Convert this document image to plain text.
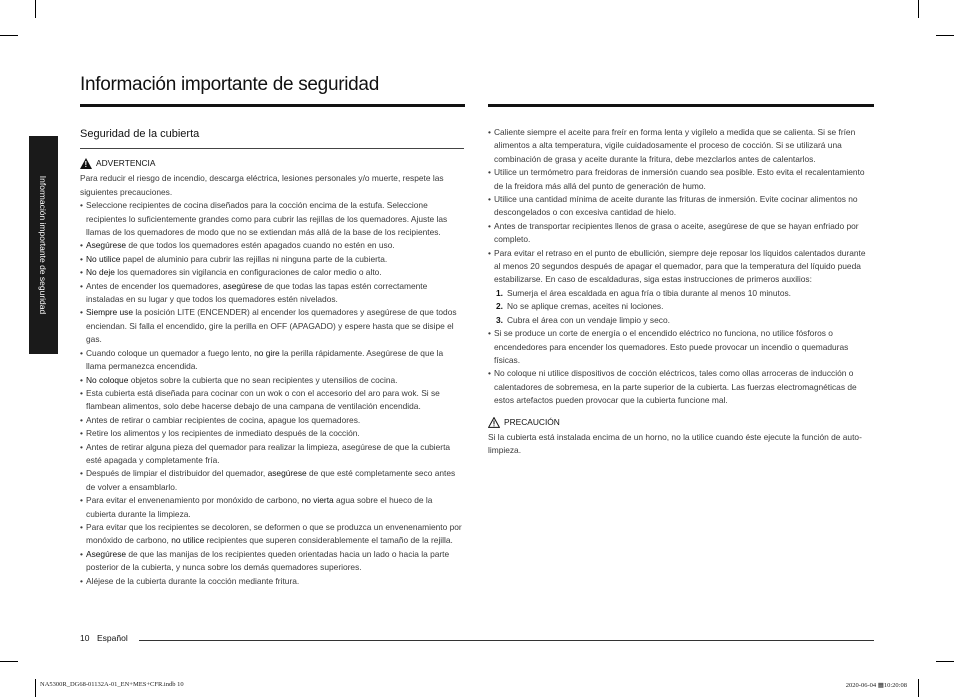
Información importante de seguridad
Información importante de seguridad
Seguridad de la cubierta
! ADVERTENCIA

Para reducir el riesgo de incendio, descarga eléctrica, lesiones personales y/o muerte, respete las siguientes precauciones.

• Seleccione recipientes de cocina diseñados para la cocción encima de la estufa. Seleccione recipientes lo suficientemente grandes como para cubrir las rejillas de los quemadores. Ajuste las llamas de los quemadores de modo que no se extiendan más allá de la base de los recipientes.
• Asegúrese de que todos los quemadores estén apagados cuando no estén en uso.
• No utilice papel de aluminio para cubrir las rejillas ni ninguna parte de la cubierta.
• No deje los quemadores sin vigilancia en configuraciones de calor medio o alto.
• Antes de encender los quemadores, asegúrese de que todas las tapas estén correctamente instaladas en su lugar y que todos los quemadores estén nivelados.
• Siempre use la posición LITE (ENCENDER) al encender los quemadores y asegúrese de que todos enciendan. Si falla el encendido, gire la perilla en OFF (APAGADO) y espere hasta que se disipe el gas.
• Cuando coloque un quemador a fuego lento, no gire la perilla rápidamente. Asegúrese de que la llama permanezca encendida.
• No coloque objetos sobre la cubierta que no sean recipientes y utensilios de cocina.
• Esta cubierta está diseñada para cocinar con un wok o con el accesorio del aro para wok. Si se flambean alimentos, solo debe hacerse debajo de una campana de ventilación encendida.
• Antes de retirar o cambiar recipientes de cocina, apague los quemadores.
• Retire los alimentos y los recipientes de inmediato después de la cocción.
• Antes de retirar alguna pieza del quemador para realizar la limpieza, asegúrese de que la cubierta esté apagada y completamente fría.
• Después de limpiar el distribuidor del quemador, asegúrese de que esté completamente seco antes de volver a ensamblarlo.
• Para evitar el envenenamiento por monóxido de carbono, no vierta agua sobre el hueco de la cubierta durante la limpieza.
• Para evitar que los recipientes se decoloren, se deformen o que se produzca un envenenamiento por monóxido de carbono, no utilice recipientes que superen considerablemente el tamaño de la rejilla.
• Asegúrese de que las manijas de los recipientes queden orientadas hacia un lado o hacia la parte posterior de la cubierta, y nunca sobre los demás quemadores superiores.
• Aléjese de la cubierta durante la cocción mediante fritura.
• Caliente siempre el aceite para freír en forma lenta y vigílelo a medida que se calienta. Si se fríen alimentos a alta temperatura, vigile cuidadosamente el proceso de cocción. Si se utilizará una combinación de grasa y aceite durante la fritura, debe mezclarlos antes de calentarlos.
• Utilice un termómetro para freidoras de inmersión cuando sea posible. Esto evita el recalentamiento de la freidora más allá del punto de generación de humo.
• Utilice una cantidad mínima de aceite durante las frituras de inmersión. Evite cocinar alimentos no descongelados o con excesiva cantidad de hielo.
• Antes de transportar recipientes llenos de grasa o aceite, asegúrese de que se hayan enfriado por completo.
• Para evitar el retraso en el punto de ebullición, siempre deje reposar los líquidos calentados durante al menos 20 segundos después de apagar el quemador, para que la temperatura del líquido pueda estabilizarse. En caso de escaldaduras, siga estas instrucciones de primeros auxilios:
1. Sumerja el área escaldada en agua fría o tibia durante al menos 10 minutos.
2. No se aplique cremas, aceites ni lociones.
3. Cubra el área con un vendaje limpio y seco.
• Si se produce un corte de energía o el encendido eléctrico no funciona, no utilice fósforos o encendedores para encender los quemadores. Esto puede provocar un incendio o quemaduras físicas.
• No coloque ni utilice dispositivos de cocción eléctricos, tales como ollas arroceras de inducción o calentadores de sobremesa, en la parte superior de la cubierta. Las fuerzas electromagnéticas de estos artefactos pueden provocar que la cubierta funcione mal.
PRECAUCIÓN

Si la cubierta está instalada encima de un horno, no la utilice cuando éste ejecute la función de auto-limpieza.

10 Español
NA5300R_DG68-01132A-01_EN+MES+CFR.indb 10	2020-06-04 ▦10:20:08
